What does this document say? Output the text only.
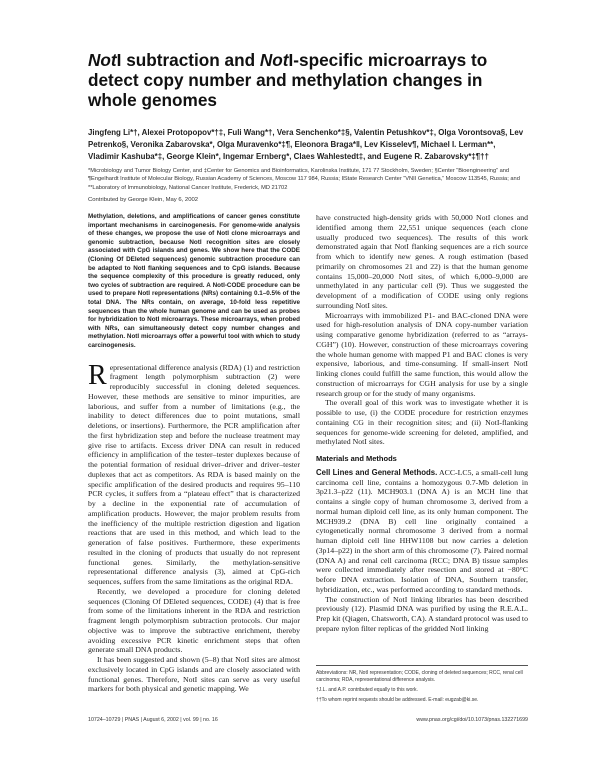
NotI subtraction and NotI-specific microarrays to detect copy number and methylation changes in whole genomes
Jingfeng Li*†, Alexei Protopopov*†‡, Fuli Wang*†, Vera Senchenko*‡§, Valentin Petushkov*‡, Olga Vorontsova§, Lev Petrenko§, Veronika Zabarovska*, Olga Muravenko*‡¶, Eleonora Braga*‖, Lev Kisselev¶, Michael I. Lerman**, Vladimir Kashuba*‡, George Klein*, Ingemar Ernberg*, Claes Wahlestedt‡, and Eugene R. Zabarovsky*‡¶††
*Microbiology and Tumor Biology Center, and ‡Center for Genomics and Bioinformatics, Karolinska Institute, 171 77 Stockholm, Sweden; §Center “Bioengineering” and ¶Engelhardt Institute of Molecular Biology, Russian Academy of Sciences, Moscow 117 984, Russia; ‖State Research Center “VNII Genetica,” Moscow 113545, Russia; and **Laboratory of Immunobiology, National Cancer Institute, Frederick, MD 21702
Contributed by George Klein, May 6, 2002
Methylation, deletions, and amplifications of cancer genes constitute important mechanisms in carcinogenesis. For genome-wide analysis of these changes, we propose the use of NotI clone microarrays and genomic subtraction, because NotI recognition sites are closely associated with CpG islands and genes. We show here that the CODE (Cloning Of DEleted sequences) genomic subtraction procedure can be adapted to NotI flanking sequences and to CpG islands. Because the sequence complexity of this procedure is greatly reduced, only two cycles of subtraction are required. A NotI-CODE procedure can be used to prepare NotI representations (NRs) containing 0.1–0.5% of the total DNA. The NRs contain, on average, 10-fold less repetitive sequences than the whole human genome and can be used as probes for hybridization to NotI microarrays. These microarrays, when probed with NRs, can simultaneously detect copy number changes and methylation. NotI microarrays offer a powerful tool with which to study carcinogenesis.

Representational difference analysis (RDA) (1) and restriction fragment length polymorphism subtraction (2) were reproducibly successful in cloning deleted sequences. However, these methods are sensitive to minor impurities, are laborious, and suffer from a number of limitations (e.g., the inability to detect differences due to point mutations, small deletions, or insertions). Furthermore, the PCR amplification after the first hybridization step and before the nuclease treatment may give rise to artifacts. Excess driver DNA can result in reduced efficiency in amplification of the tester–tester duplexes because of the potential formation of residual driver–driver and driver–tester duplexes that act as competitors. As RDA is based mainly on the specific amplification of the desired products and requires 95–110 PCR cycles, it suffers from a “plateau effect” that is characterized by a decline in the exponential rate of accumulation of amplification products. However, the major problem results from the inefficiency of the multiple restriction digestion and ligation reactions that are used in this method, and which lead to the generation of false positives. Furthermore, these experiments resulted in the cloning of products that usually do not represent functional genes. Similarly, the methylation-sensitive representational difference analysis (3), aimed at CpG-rich sequences, suffers from the same limitations as the original RDA.

Recently, we developed a procedure for cloning deleted sequences (Cloning Of DEleted sequences, CODE) (4) that is free from some of the limitations inherent in the RDA and restriction fragment length polymorphism subtraction protocols. Our major objective was to improve the subtractive enrichment, thereby avoiding excessive PCR kinetic enrichment steps that often generate small DNA products.

It has been suggested and shown (5–8) that NotI sites are almost exclusively located in CpG islands and are closely associated with functional genes. Therefore, NotI sites can serve as very useful markers for both physical and genetic mapping. We

have constructed high-density grids with 50,000 NotI clones and identified among them 22,551 unique sequences (each clone usually produced two sequences). The results of this work demonstrated again that NotI flanking sequences are a rich source from which to identify new genes. A rough estimation (based primarily on chromosomes 21 and 22) is that the human genome contains 15,000–20,000 NotI sites, of which 6,000–9,000 are unmethylated in any particular cell (9). Thus we suggested the development of a modification of CODE using only regions surrounding NotI sites.

Microarrays with immobilized P1- and BAC-cloned DNA were used for high-resolution analysis of DNA copy-number variation using comparative genome hybridization (referred to as “arrays-CGH”) (10). However, construction of these microarrays covering the whole human genome with mapped P1 and BAC clones is very expensive, laborious, and time-consuming. If small-insert NotI linking clones could fulfill the same function, this would allow the construction of microarrays for CGH analysis for use by a single research group or for the study of many organisms.

The overall goal of this work was to investigate whether it is possible to use, (i) the CODE procedure for restriction enzymes containing CG in their recognition sites; and (ii) NotI-flanking sequences for genome-wide screening for deleted, amplified, and methylated NotI sites.

Materials and Methods

Cell Lines and General Methods. ACC-LC5, a small-cell lung carcinoma cell line, contains a homozygous 0.7-Mb deletion in 3p21.3–p22 (11). MCH903.1 (DNA A) is an MCH line that contains a single copy of human chromosome 3, derived from a normal human diploid cell line, as its only human component. The MCH939.2 (DNA B) cell line originally contained a cytogenetically normal chromosome 3 derived from a normal human diploid cell line HHW1108 but now carries a deletion (3p14–p22) in the short arm of this chromosome (7). Paired normal (DNA A) and renal cell carcinoma (RCC; DNA B) tissue samples were collected immediately after resection and stored at −80°C before DNA extraction. Isolation of DNA, Southern transfer, hybridization, etc., was performed according to standard methods.

The construction of NotI linking libraries has been described previously (12). Plasmid DNA was purified by using the R.E.A.L. Prep kit (Qiagen, Chatsworth, CA). A standard protocol was used to prepare nylon filter replicas of the gridded NotI linking

Abbreviations: NR, NotI representation; CODE, cloning of deleted sequences; RCC, renal cell carcinoma; RDA, representational difference analysis.
†J.L. and A.P. contributed equally to this work.
††To whom reprint requests should be addressed. E-mail: eugzab@ki.se.
10724–10729 | PNAS | August 6, 2002 | vol. 99 | no. 16	www.pnas.org/cgi/doi/10.1073/pnas.132271699
